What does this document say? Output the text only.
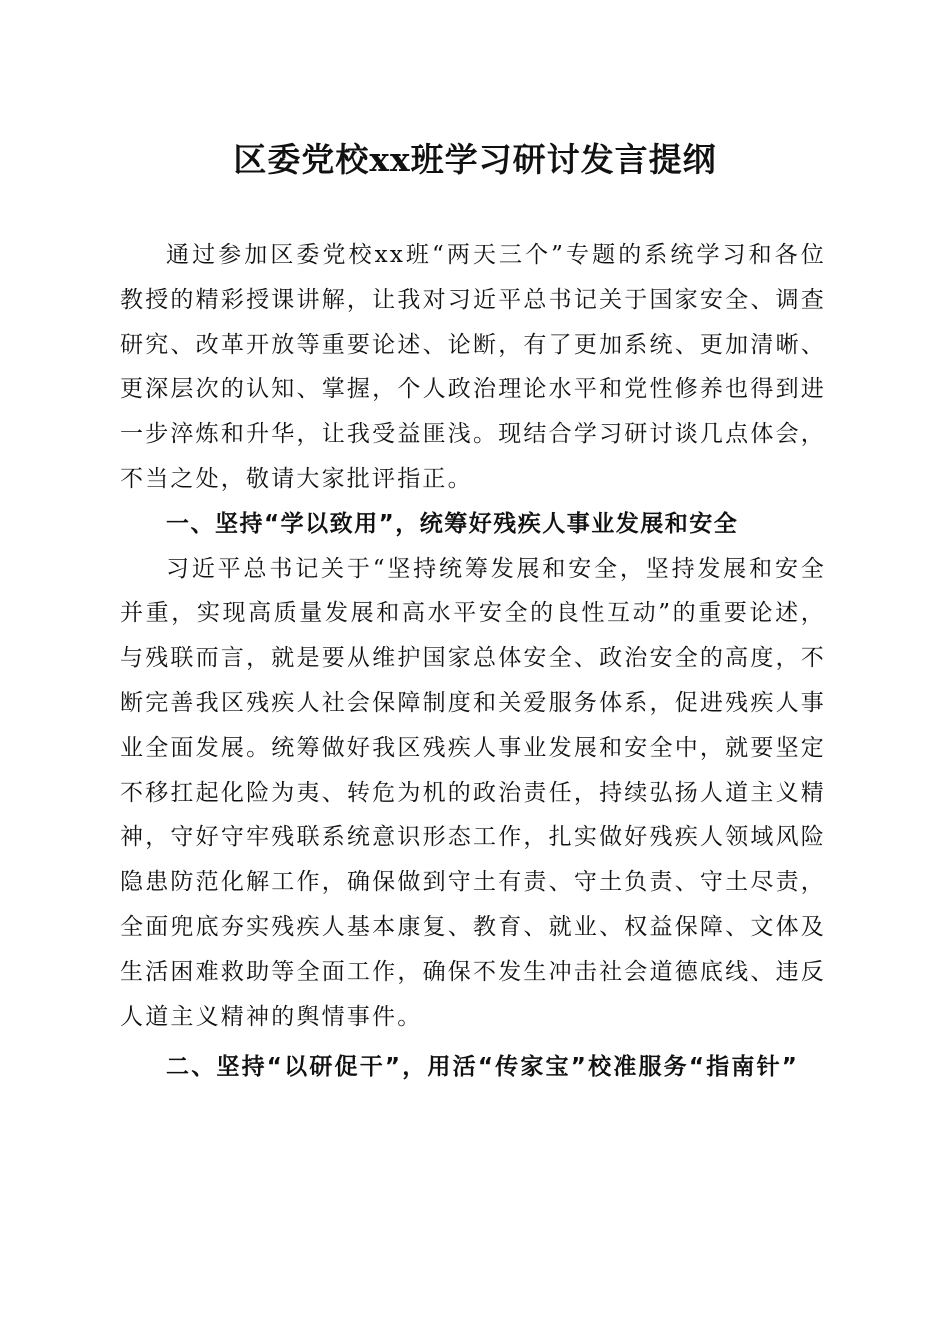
区委党校xx班学习研讨发言提纲

通过参加区委党校xx班“两天三个”专题的系统学习和各位教授的精彩授课讲解，让我对习近平总书记关于国家安全、调查研究、改革开放等重要论述、论断，有了更加系统、更加清晰、更深层次的认知、掌握，个人政治理论水平和党性修养也得到进一步淬炼和升华，让我受益匪浅。现结合学习研讨谈几点体会，不当之处，敬请大家批评指正。

一、坚持“学以致用”，统筹好残疾人事业发展和安全

习近平总书记关于“坚持统筹发展和安全，坚持发展和安全并重，实现高质量发展和高水平安全的良性互动”的重要论述，与残联而言，就是要从维护国家总体安全、政治安全的高度，不断完善我区残疾人社会保障制度和关爱服务体系，促进残疾人事业全面发展。统筹做好我区残疾人事业发展和安全中，就要坚定不移扛起化险为夷、转危为机的政治责任，持续弘扬人道主义精神，守好守牢残联系统意识形态工作，扎实做好残疾人领域风险隐患防范化解工作，确保做到守土有责、守土负责、守土尽责，全面兜底夯实残疾人基本康复、教育、就业、权益保障、文体及生活困难救助等全面工作，确保不发生冲击社会道德底线、违反人道主义精神的舆情事件。

二、坚持“以研促干”，用活“传家宝”校准服务“指南针”
